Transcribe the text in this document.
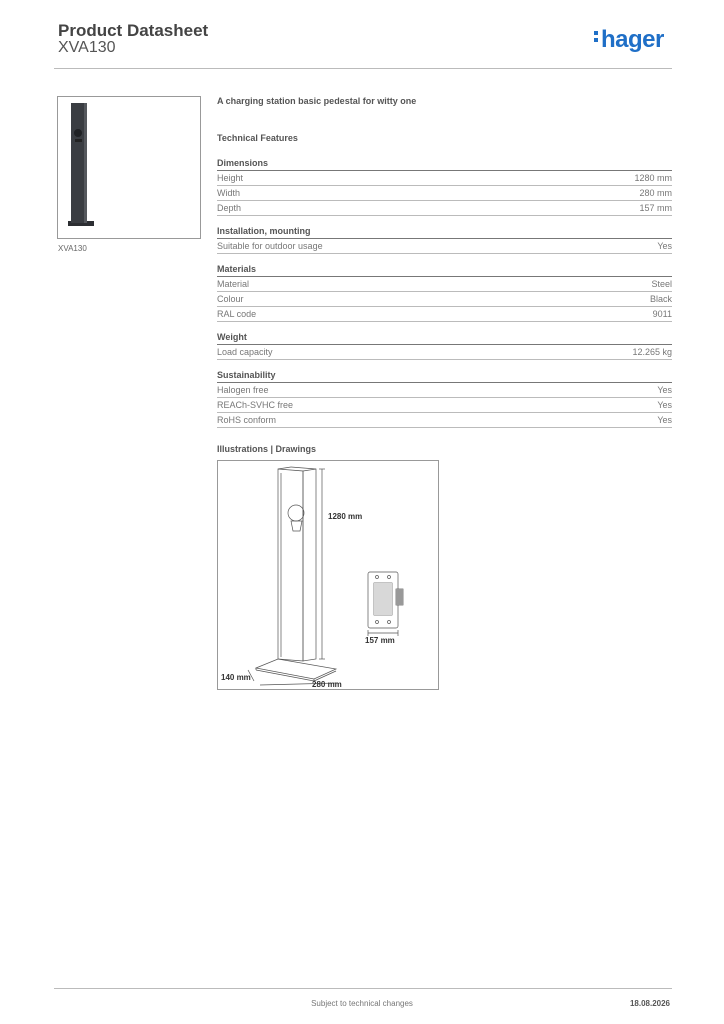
Product Datasheet
XVA130	hager
XVA130
A charging station basic pedestal for witty one
Technical Features
Dimensions
Height	1280 mm
Width	280 mm
Depth	157 mm
Installation, mounting
Suitable for outdoor usage	Yes
Materials
Material	Steel
Colour	Black
RAL code	9011
Weight
Load capacity	12.265 kg
Sustainability
Halogen free	Yes
REACh-SVHC free	Yes
RoHS conform	Yes
Illustrations | Drawings
1280 mm
157 mm
140 mm
280 mm
Subject to technical changes	18.08.2026
